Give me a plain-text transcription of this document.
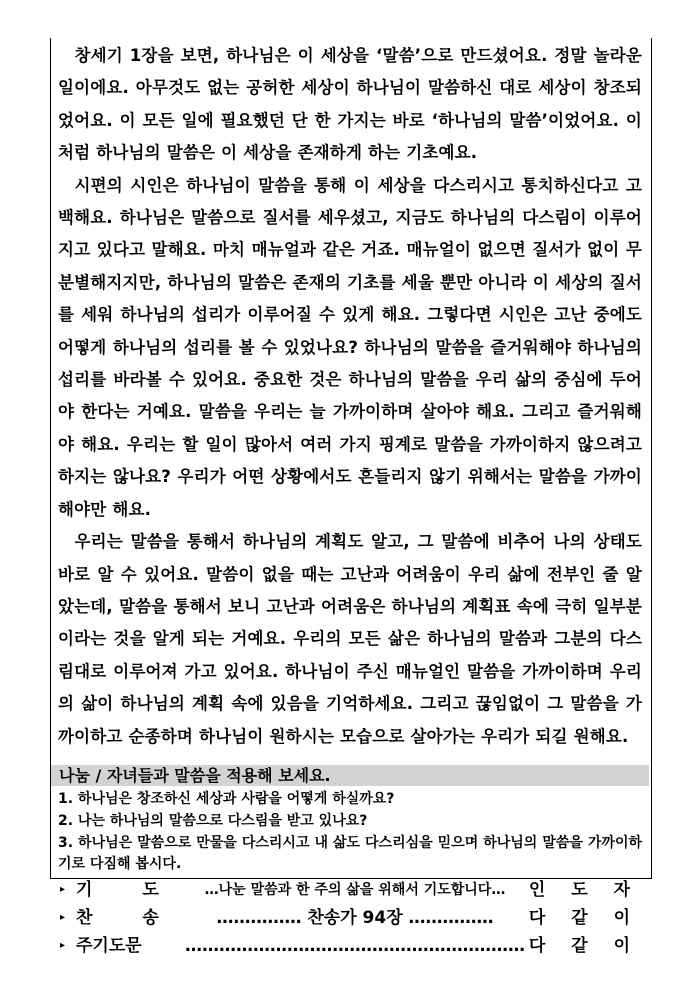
창세기 1장을 보면, 하나님은 이 세상을 ‘말씀’으로 만드셨어요. 정말 놀라운 일이에요. 아무것도 없는 공허한 세상이 하나님이 말씀하신 대로 세상이 창조되었어요. 이 모든 일에 필요했던 단 한 가지는 바로 ‘하나님의 말씀’이었어요. 이처럼 하나님의 말씀은 이 세상을 존재하게 하는 기초예요.

시편의 시인은 하나님이 말씀을 통해 이 세상을 다스리시고 통치하신다고 고백해요. 하나님은 말씀으로 질서를 세우셨고, 지금도 하나님의 다스림이 이루어지고 있다고 말해요. 마치 매뉴얼과 같은 거죠. 매뉴얼이 없으면 질서가 없이 무분별해지지만, 하나님의 말씀은 존재의 기초를 세울 뿐만 아니라 이 세상의 질서를 세워 하나님의 섭리가 이루어질 수 있게 해요. 그렇다면 시인은 고난 중에도 어떻게 하나님의 섭리를 볼 수 있었나요? 하나님의 말씀을 즐거워해야 하나님의 섭리를 바라볼 수 있어요. 중요한 것은 하나님의 말씀을 우리 삶의 중심에 두어야 한다는 거예요. 말씀을 우리는 늘 가까이하며 살아야 해요. 그리고 즐거워해야 해요. 우리는 할 일이 많아서 여러 가지 핑계로 말씀을 가까이하지 않으려고 하지는 않나요? 우리가 어떤 상황에서도 흔들리지 않기 위해서는 말씀을 가까이해야만 해요.

우리는 말씀을 통해서 하나님의 계획도 알고, 그 말씀에 비추어 나의 상태도 바로 알 수 있어요. 말씀이 없을 때는 고난과 어려움이 우리 삶에 전부인 줄 알았는데, 말씀을 통해서 보니 고난과 어려움은 하나님의 계획표 속에 극히 일부분이라는 것을 알게 되는 거예요. 우리의 모든 삶은 하나님의 말씀과 그분의 다스림대로 이루어져 가고 있어요. 하나님이 주신 매뉴얼인 말씀을 가까이하며 우리의 삶이 하나님의 계획 속에 있음을 기억하세요. 그리고 끊임없이 그 말씀을 가까이하고 순종하며 하나님이 원하시는 모습으로 살아가는 우리가 되길 원해요.

나눔 / 자녀들과 말씀을 적용해 보세요.
1. 하나님은 창조하신 세상과 사람을 어떻게 하실까요?
2. 나는 하나님의 말씀으로 다스림을 받고 있나요?
3. 하나님은 말씀으로 만물을 다스리시고 내 삶도 다스리심을 믿으며 하나님의 말씀을 가까이하기로 다짐해 봅시다.
▸ 기 도	…나눈 말씀과 한 주의 삶을 위해서 기도합니다…	인 도 자
▸ 찬 송	…………… 찬송가 94장 ……………	다 같 이
▸ 주기도문	…………………………………………………… 다 같 이
